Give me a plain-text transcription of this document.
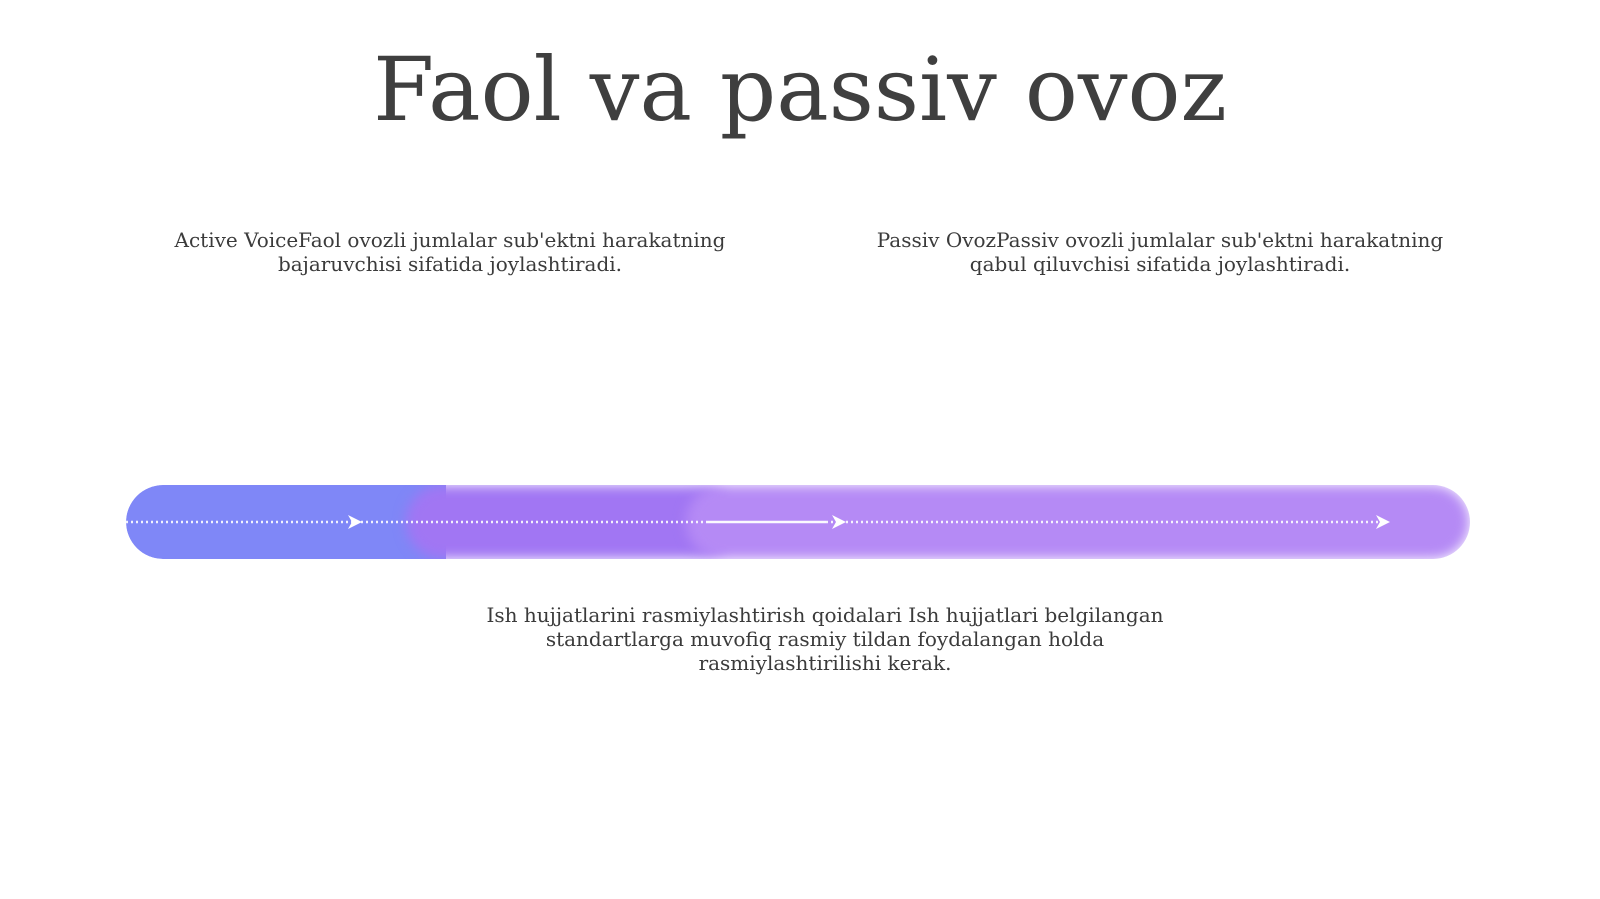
Faol va passiv ovoz
Active VoiceFaol ovozli jumlalar sub'ektni harakatning bajaruvchisi sifatida joylashtiradi.
Passiv OvozPassiv ovozli jumlalar sub'ektni harakatning qabul qiluvchisi sifatida joylashtiradi.
Ish hujjatlarini rasmiylashtirish qoidalari Ish hujjatlari belgilangan standartlarga muvofiq rasmiy tildan foydalangan holda rasmiylashtirilishi kerak.
